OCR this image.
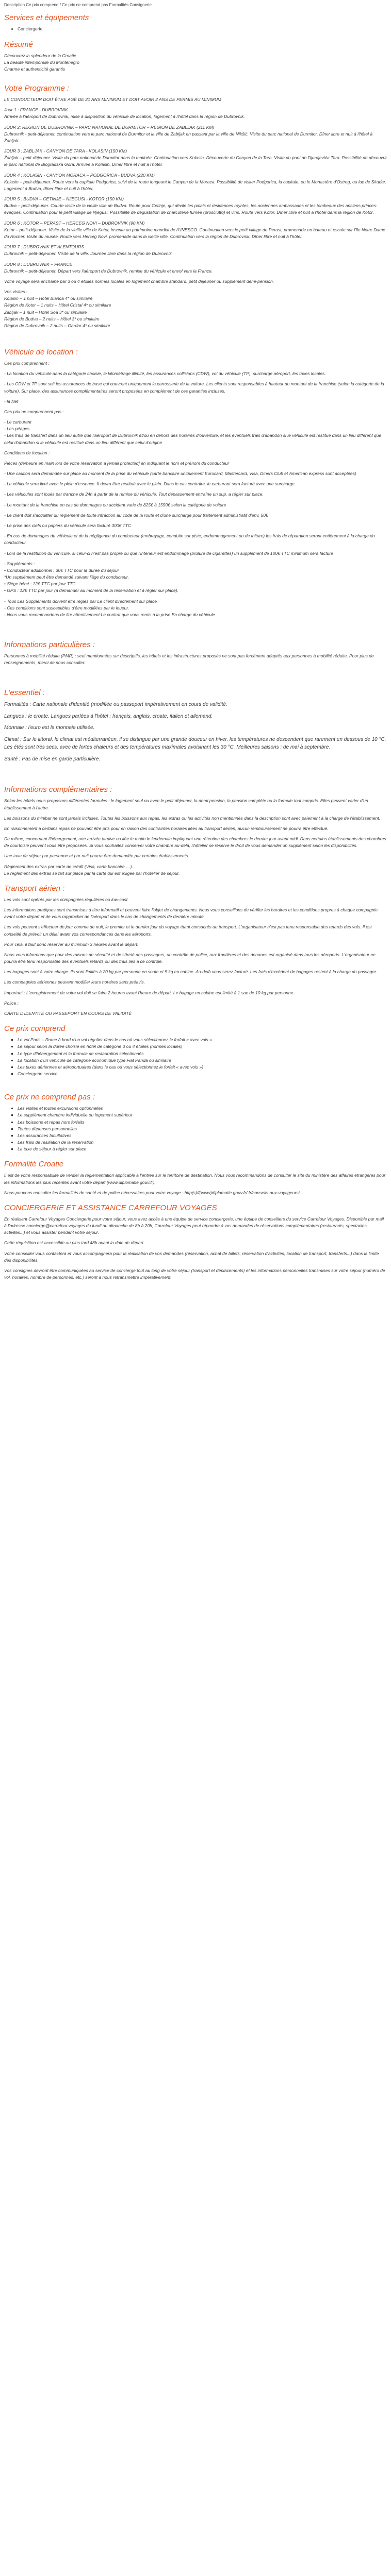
Description Ce prix comprend / Ce prix ne comprend pas Formalités Consignerie
Services et équipements
• Conciergerie
Résumé

Découvrez la splendeur de la Croatie

La beauté intemporelle du Monténégro

Charme et authenticité garantis

Votre Programme :

LE CONDUCTEUR DOIT ÊTRE AGÉ DE 21 ANS MINIMUM ET DOIT AVOIR 2 ANS DE PERMIS AU MINIMUM

Jour 1 : FRANCE - DUBROVNIK

Arrivée à l'aéroport de Dubrovnik, mise à disposition du véhicule de location, logement à l'hôtel dans la région de Dubrovnik.

JOUR 2: REGION DE DUBROVNIK – PARC NATIONAL DE DURMITOR – REGION DE ZABLJAK (211 KM)

Dubrovnik - petit-déjeuner, continuation vers le parc national de Durmitor et la ville de Žabljak en passant par la ville de Nikšić. Visite du parc national de Durmitor. Dîner libre et nuit à l'hôtel à Žabljak.

JOUR 3 : ZABLJAK - CANYON DE TARA - KOLASIN (150 KM)

Žabljak – petit-déjeuner. Visite du parc national de Durmitor dans la matinée. Continuation vers Kolasin. Découverte du Canyon de la Tara. Visite du pont de Djurdjevića Tara. Possibilité de découvrir le parc national de Biogradska Gora. Arrivée à Kolasin. Dîner libre et nuit à l'hôtel.

JOUR 4 : KOLASIN - CANYON MORACA – PODGORICA - BUDVA (220 KM)

Kolasin – petit-déjeuner. Route vers la capitale Podgorica, suivi de la route longeant le Canyon de la Moraca. Possibilité de visiter Podgorica, la capitale, ou le Monastère d'Ostrog, ou lac de Skadar. Logement à Budva, dîner libre et nuit à l'hôtel.

JOUR 5 : BUDVA – CETINJE – NJEGUSI - KOTOR (150 KM)

Budva – petit-déjeuner. Courte visite de la vieille ville de Budva. Route pour Cetinje, qui dévile les palais et résidences royales, les anciennes ambassades et les tombeaux des anciens princes-évêques. Continuation pour le petit village de Njegusi. Possibilité de dégustation de charcuterie fumée (prosciutto) et vins. Route vers Kotor. Dîner libre et nuit à l'hôtel dans la région de Kotor.

JOUR 6 : KOTOR – PERAST – HERCEG NOVI – DUBROVNIK (90 KM)

Kotor – petit-déjeuner. Visite de la vieille ville de Kotor, inscrite au patrimoine mondial de l'UNESCO. Continuation vers le petit village de Perast, promenade en bateau et escale sur l'île Notre Dame du Rocher. Visite du musée. Route vers Herceg Novi, promenade dans la vieille ville. Continuation vers la région de Dubrovnik. Dîner libre et nuit à l'hôtel.

JOUR 7 : DUBROVNIK ET ALENTOURS

Dubrovnik – petit-déjeuner. Visite de la ville. Journée libre dans la région de Dubrovnik.

JOUR 8 : DUBROVNIK – FRANCE

Dubrovnik – petit-déjeuner. Départ vers l'aéroport de Dubrovnik, remise du véhicule et envol vers la France.

Votre voyage sera enchaîné par 3 ou 4 étoiles normes locales en logement chambre standard, petit déjeuner ou supplément demi-pension.

Vos visites :

Kolasin – 1 nuit – Hôtel Bianca 4* ou similaire

Région de Kotor – 1 nuits – Hôtel Cristal 4* ou similaire

Zabljak – 1 nuit – Hotel Soa 3* ou similaire

Région de Budva – 2 nuits – Hôtel 3* ou similaire

Région de Dubrovnik – 2 nuits – Gardar 4* ou similaire

Véhicule de location :

Ces prix comprennent :

- La location du véhicule dans la catégorie choisie, le kilométrage illimité, les assurances collisions (CDW), vol du véhicule (TP), surcharge aéroport, les taxes locales.

- Les CDW et TP sont soit les assurances de base qui couvrent uniquement la carrosserie de la voiture. Les clients sont responsables à hauteur du montant de la franchise (selon la catégorie de la voiture). Sur place, des assurances complémentaires seront proposées en complément de ces garanties incluses.

- la filet

Ces prix ne comprennent pas :

- Le carburant

- Les péages

- Les frais de transfert dans un lieu autre que l'aéroport de Dubrovnik et/ou en dehors des horaires d'ouverture, et les éventuels frais d'abandon si le véhicule est restitué dans un lieu différent que celui d'abandon si le véhicule est restitué dans un lieu différent que celui d'origine

Conditions de location :

Pièces (demeure en main lors de votre réservation à [email protected] en indiquant le nom et prénom du conducteur

- Une caution sera demandée sur place au moment de la prise du véhicule (carte bancaire uniquement Eurocard, Mastercard, Visa, Diners Club et American express sont acceptées)

- Le véhicule sera livré avec le plein d'essence. Il devra être restitué avec le plein. Dans le cas contraire, le carburant sera facturé avec une surcharge.

- Les véhicules sont loués par tranche de 24h à partir de la remise du véhicule. Tout dépassement entraîne un sup. a régler sur place.

- Le montant de la franchise en cas de dommages ou accident varie de 825€ à 1550€ selon la catégorie de voiture

- Le client doit s'acquitter du règlement de toute infraction au code de la route et d'une surcharge pour traitement administratif d'env. 50€

- Le prise des clefs ou papiers du véhicule sera facturé 300€ TTC

- En cas de dommages du véhicule et de la négligence du conducteur (embrayage, conduite sur piste, endommagement ou de toiture) les frais de réparation seront entièrement à la charge du conducteur.

- Lors de la restitution du véhicule, si celui-ci n'est pas propre ou que l'intérieur est endommagé (brûlure de cigarettes) un supplément de 100€ TTC minimum sera facturé

- Suppléments :

• Conducteur additionnel : 30€ TTC pour la durée du séjour

*Un supplément peut être demandé suivant l'âge du conducteur.

• Siège bébé : 12€ TTC par jour TTC

• GPS : 12€ TTC par jour (à demander au moment de la réservation et à régler sur place).

- Tous Les Suppléments doivent être réglés par Le client directement sur place.

- Ces conditions sont susceptibles d'être modifiées par le loueur.

- Nous vous recommandons de lire attentivement Le contrat que vous remis à la prise En charge du véhicule

Informations particulières :

Personnes à mobilité réduite (PMR) : seul mentionnées sur descriptifs, les hôtels et les infrastructures proposés ne sont pas forcément adaptés aux personnes à mobilité réduite. Pour plus de renseignements, merci de nous consulter.

L'essentiel :

Formalités : Carte nationale d'identité (modifiée ou passeport impérativement en cours de validité.

Langues : le croate. Langues parlées à l'hôtel : français, anglais, croate, italien et allemand.

Monnaie : l'euro est la monnaie utilisée.

Climat : Sur le littoral, le climat est méditerranéen, il se distingue par une grande douceur en hiver, les températures ne descendent que rarement en dessous de 10 °C. Les étés sont très secs, avec de fortes chaleurs et des températures maximales avoisinant les 30 °C. Meilleures saisons : de mai à septembre.

Santé : Pas de mise en garde particulière.

Informations complémentaires :

Selon les hôtels nous proposons différentes formules : le logement seul ou avec le petit déjeuner, la demi pension, la pension complète ou la formule tout compris. Elles peuvent varier d'un établissement à l'autre.

Les boissons du minibar ne sont jamais incluses. Toutes les boissons aux repas, les extras ou les activités non mentionnés dans la description sont avec paiement à la charge de l'établissement.

En raisonnement à certains repas ne pouvant être pris pour en raison des contraintes horaires liées au transport aérien, aucun remboursement ne pourra être effectué.

De même, concernant l'hébergement, une arrivée tardive ou liée le matin le lendemain impliquant une rétention des chambres le dernier jour avant midi. Dans certains établissements des chambres de courtoisie peuvent vous être proposées. Si vous souhaitez conserver votre chambre au-delà, l'hôtelier se réserve le droit de vous demander un supplément selon les disponibilités.

Une taxe de séjour par personne et par nuit pourra être demandée par certains établissements.

Règlement des extras par carte de crédit (Visa, carte bancaire …).

Le règlement des extras se fait sur place par la carte qui est exigée par l'hôtelier de séjour.

Transport aérien :

Les vols sont opérés par les compagnies régulières ou low-cost.

Les informations pratiques sont transmises à titre informatif et peuvent faire l'objet de changements. Nous vous conseillons de vérifier les horaires et les conditions propres à chaque compagnie avant votre départ et de vous rapprocher de l'aéroport dans le cas de changements de dernière minute.

Les vols peuvent s'effectuer de jour comme de nuit, le premier et le dernier jour du voyage étant consacrés au transport. L'organisateur n'est pas tenu responsable des retards des vols. Il est conseillé de prévoir un délai avant vos correspondances dans les aéroports.

Pour cela, il faut donc réserver au minimum 3 heures avant le départ.

Nous vous informons que pour des raisons de sécurité et de sûreté des passagers, un contrôle de police, aux frontières et des douanes est organisé dans tous les aéroports. L'organisateur ne pourra être tenu responsable des éventuels retards ou des frais liés à ce contrôle.

Les bagages sont à votre charge. Ils sont limités à 20 kg par personne en soute et 5 kg en cabine. Au-delà vous serez facturé. Les frais d'excédent de bagages restent à la charge du passager.

Les compagnies aériennes peuvent modifier leurs horaires sans préavis.

Important : L'enregistrement de votre vol doit se faire 2 heures avant l'heure de départ. Le bagage en cabine est limité à 1 sac de 10 kg par personne.

Police :

CARTE D'IDENTITÉ OU PASSEPORT EN COURS DE VALIDITÉ

Ce prix comprend
▪ Le vol Paris – Rome à bord d'un vol régulier dans le cas où vous sélectionnez le forfait « avec vols »
▪ Le séjour selon la durée choisie en hôtel de catégorie 3 ou 4 étoiles (normes locales)
▪ Le type d'hébergement et la formule de restauration sélectionnés
▪ La location d'un véhicule de catégorie économique type Fiat Panda ou similaire
▪ Les taxes aériennes et aéroportuaires (dans le cas où vous sélectionnez le forfait « avec vols »)
▪ Conciergerie service
Ce prix ne comprend pas :
▪ Les visites et toutes excursions optionnelles
▪ Le supplément chambre individuelle ou logement supérieur
▪ Les boissons et repas hors forfaits
▪ Toutes dépenses personnelles
▪ Les assurances facultatives
▪ Les frais de résiliation de la réservation
▪ La taxe de séjour à régler sur place
Formalité Croatie

Il est de votre responsabilité de vérifier la réglementation applicable à l'entrée sur le territoire de destination. Nous vous recommandons de consulter le site du ministère des affaires étrangères pour les informations les plus récentes avant votre départ (www.diplomatie.gouv.fr).

Nous pouvons consulter les formalités de santé et de police nécessaires pour votre voyage : http(s)//(www)diplomatie.gouv.fr/ fr/conseils-aux-voyageurs/

CONCIERGERIE ET ASSISTANCE CARREFOUR VOYAGES

En réalisant Carrefour Voyages Conciergerie pour votre séjour, vous avez accès à une équipe de service conciergerie, une équipe de conseillers du service Carrefour Voyages. Disponible par mail à l'adresse concierge@carrefour.voyages du lundi au dimanche de 8h à 20h, Carrefour Voyages peut répondre à vos demandes de réservations complémentaires (restaurants, spectacles, activités...) et vous assister pendant votre séjour.

Cette réquisition est accessible au plus tard 48h avant la date de départ.

Votre conseiller vous contactera et vous accompagnera pour la réalisation de vos demandes (réservation, achat de billets, réservation d'activités, location de transport, transferts...) dans la limite des disponibilités.

Vos consignes devront être communiquées au service de concierge tout au long de votre séjour (transport et déplacements) et les informations personnelles transmises sur votre séjour (numéro de vol, horaires, nombre de personnes, etc.) seront à nous retransmettre impérativement.
